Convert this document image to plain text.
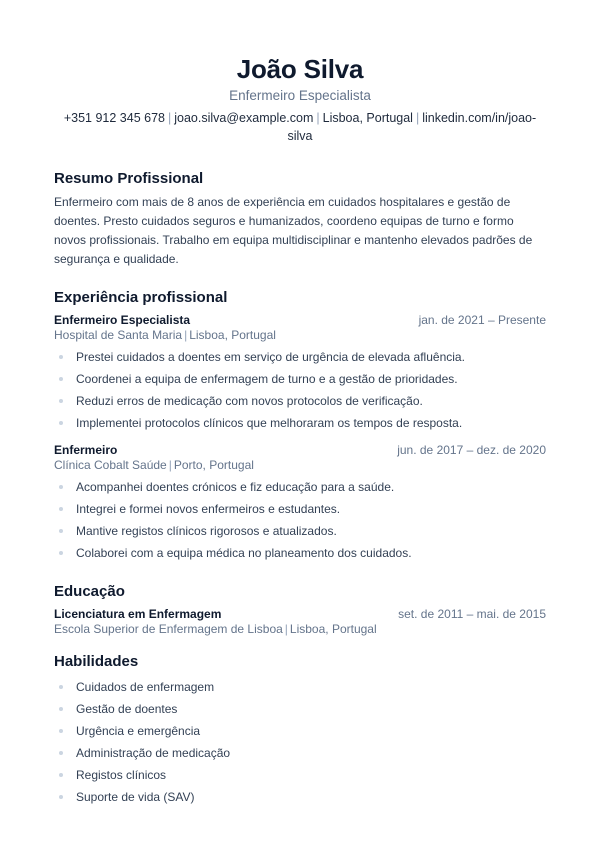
João Silva
Enfermeiro Especialista
+351 912 345 678 | joao.silva@example.com | Lisboa, Portugal | linkedin.com/in/joao-silva
Resumo Profissional
Enfermeiro com mais de 8 anos de experiência em cuidados hospitalares e gestão de doentes. Presto cuidados seguros e humanizados, coordeno equipas de turno e formo novos profissionais. Trabalho em equipa multidisciplinar e mantenho elevados padrões de segurança e qualidade.
Experiência profissional
Enfermeiro Especialista	jan. de 2021 – Presente
Hospital de Santa Maria | Lisboa, Portugal
Prestei cuidados a doentes em serviço de urgência de elevada afluência.
Coordenei a equipa de enfermagem de turno e a gestão de prioridades.
Reduzi erros de medicação com novos protocolos de verificação.
Implementei protocolos clínicos que melhoraram os tempos de resposta.
Enfermeiro	jun. de 2017 – dez. de 2020
Clínica Cobalt Saúde | Porto, Portugal
Acompanhei doentes crónicos e fiz educação para a saúde.
Integrei e formei novos enfermeiros e estudantes.
Mantive registos clínicos rigorosos e atualizados.
Colaborei com a equipa médica no planeamento dos cuidados.
Educação
Licenciatura em Enfermagem	set. de 2011 – mai. de 2015
Escola Superior de Enfermagem de Lisboa | Lisboa, Portugal
Habilidades
Cuidados de enfermagem
Gestão de doentes
Urgência e emergência
Administração de medicação
Registos clínicos
Suporte de vida (SAV)
